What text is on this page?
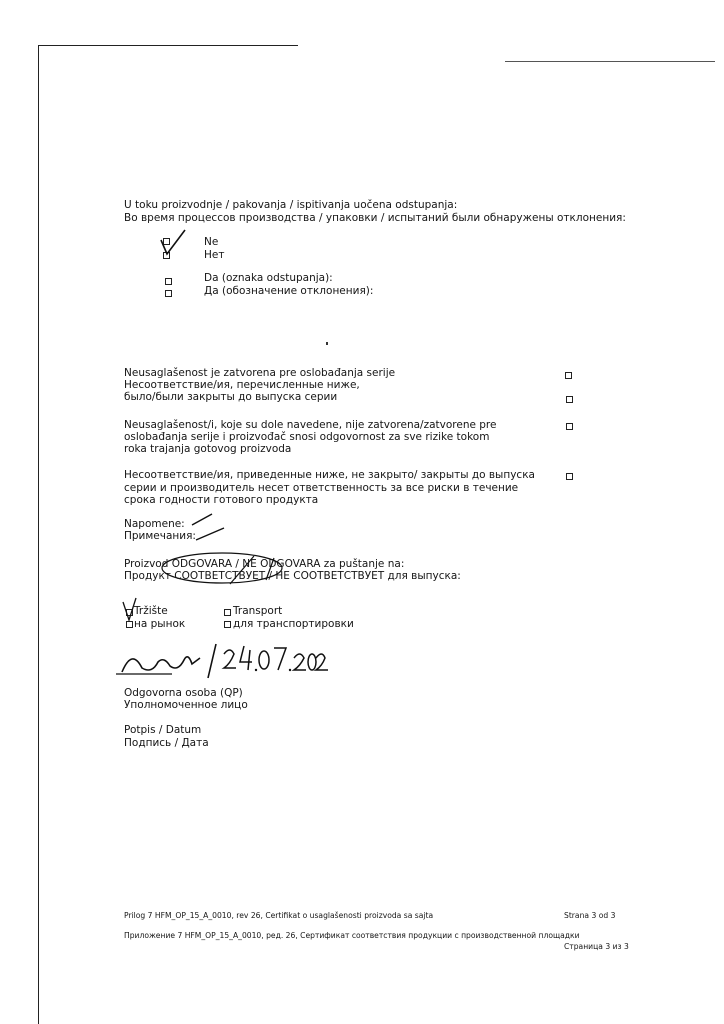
U toku proizvodnje / pakovanja / ispitivanja uočena odstupanja:
Во время процессов производства / упаковки / испытаний были обнаружены отклонения:
Ne
Нет
Da (oznaka odstupanja):
Да (обозначение отклонения):
Neusaglašenost je zatvorena pre oslobađanja serije
Несоответствие/ия, перечисленные ниже,
было/были закрыты до выпуска серии
Neusaglašenost/i, koje su dole navedene, nije zatvorena/zatvorene pre
oslobađanja serije i proizvođač snosi odgovornost za sve rizike tokom
roka trajanja gotovog proizvoda
Несоответствие/ия, приведенные ниже, не закрыто/ закрыты до выпуска
серии и производитель несет ответственность за все риски в течение
срока годности готового продукта
Napomene:
Примечания:
Proizvod ODGOVARA / NE ODGOVARA za puštanje na:
Продукт СООТВЕТСТВУЕТ / НЕ СООТВЕТСТВУЕТ для выпуска:
Tržište
на рынок
Transport
для транспортировки
Odgovorna osoba (QP)
Уполномоченное лицо
Potpis / Datum
Подпись / Дата
Prilog 7 HFM_OP_15_A_0010, rev 26, Certifikat o usaglašenosti proizvoda sa sajta	Strana 3 od 3
Приложение 7 HFM_OP_15_A_0010, ред. 26, Сертификат соответствия продукции с производственной площадки
Страница 3 из 3
